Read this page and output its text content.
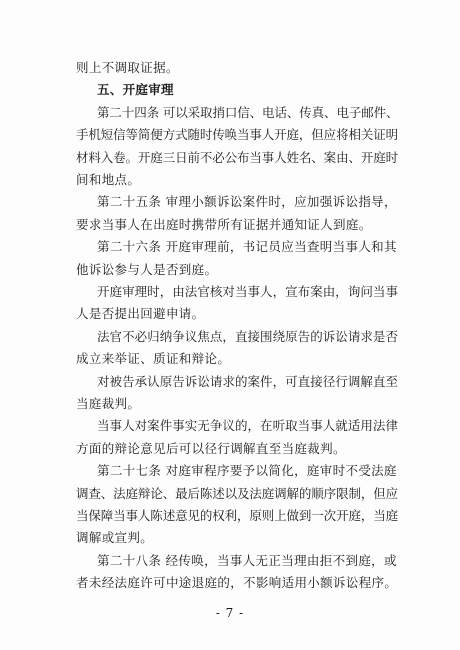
则上不调取证据。
五、开庭审理
第二十四条 可以采取捎口信、电话、传真、电子邮件、
手机短信等简便方式随时传唤当事人开庭，但应将相关证明
材料入卷。开庭三日前不必公布当事人姓名、案由、开庭时
间和地点。
第二十五条 审理小额诉讼案件时，应加强诉讼指导，
要求当事人在出庭时携带所有证据并通知证人到庭。
第二十六条 开庭审理前，书记员应当查明当事人和其
他诉讼参与人是否到庭。
开庭审理时，由法官核对当事人，宣布案由，询问当事
人是否提出回避申请。
法官不必归纳争议焦点，直接围绕原告的诉讼请求是否
成立来举证、质证和辩论。
对被告承认原告诉讼请求的案件，可直接径行调解直至
当庭裁判。
当事人对案件事实无争议的，在听取当事人就适用法律
方面的辩论意见后可以径行调解直至当庭裁判。
第二十七条 对庭审程序要予以简化，庭审时不受法庭
调查、法庭辩论、最后陈述以及法庭调解的顺序限制，但应
当保障当事人陈述意见的权利，原则上做到一次开庭，当庭
调解或宣判。
第二十八条 经传唤，当事人无正当理由拒不到庭，或
者未经法庭许可中途退庭的，不影响适用小额诉讼程序。
- 7 -
